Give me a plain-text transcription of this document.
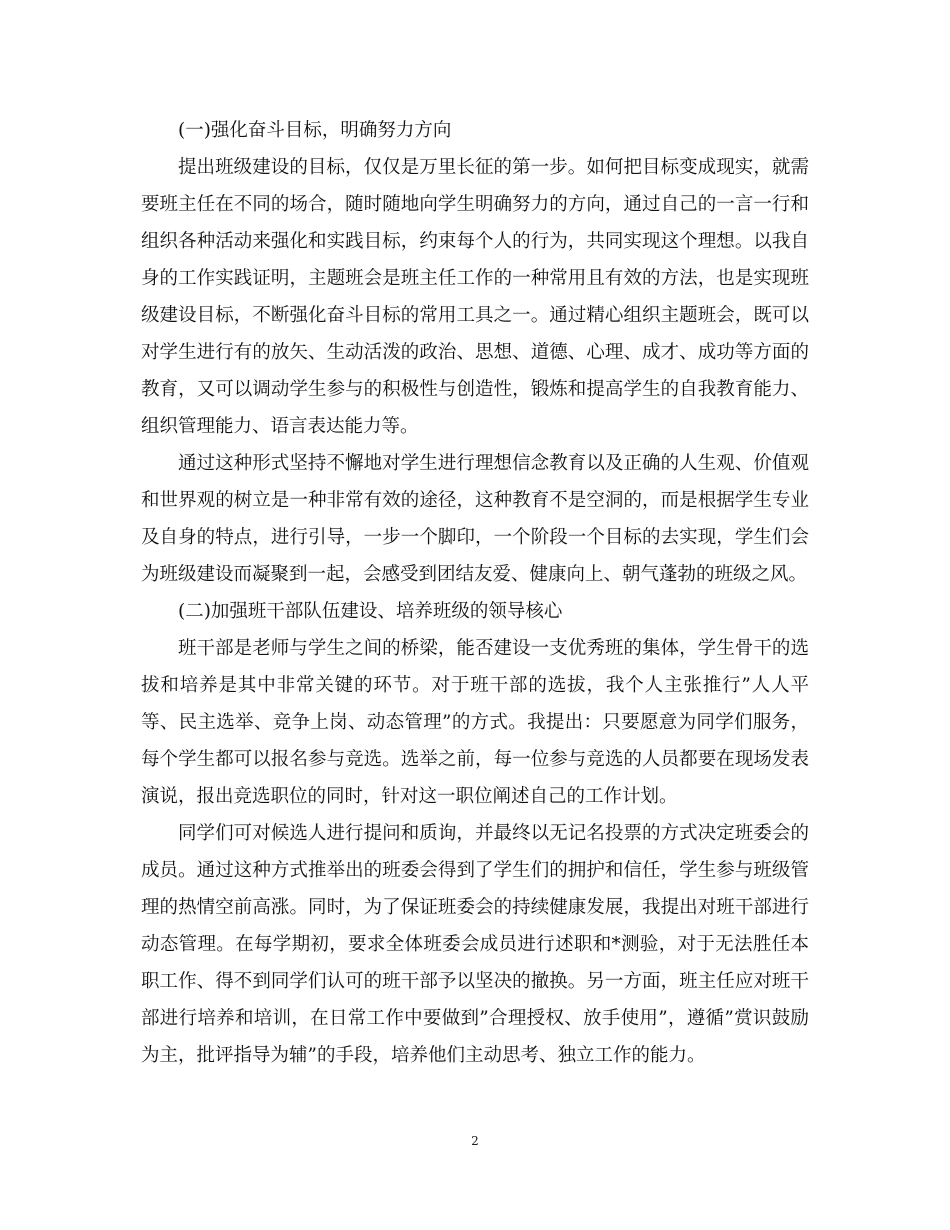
(一)强化奋斗目标，明确努力方向

提出班级建设的目标，仅仅是万里长征的第一步。如何把目标变成现实，就需要班主任在不同的场合，随时随地向学生明确努力的方向，通过自己的一言一行和组织各种活动来强化和实践目标，约束每个人的行为，共同实现这个理想。以我自身的工作实践证明，主题班会是班主任工作的一种常用且有效的方法，也是实现班级建设目标，不断强化奋斗目标的常用工具之一。通过精心组织主题班会，既可以对学生进行有的放矢、生动活泼的政治、思想、道德、心理、成才、成功等方面的教育，又可以调动学生参与的积极性与创造性，锻炼和提高学生的自我教育能力、组织管理能力、语言表达能力等。

通过这种形式坚持不懈地对学生进行理想信念教育以及正确的人生观、价值观和世界观的树立是一种非常有效的途径，这种教育不是空洞的，而是根据学生专业及自身的特点，进行引导，一步一个脚印，一个阶段一个目标的去实现，学生们会为班级建设而凝聚到一起，会感受到团结友爱、健康向上、朝气蓬勃的班级之风。

(二)加强班干部队伍建设、培养班级的领导核心

班干部是老师与学生之间的桥梁，能否建设一支优秀班的集体，学生骨干的选拔和培养是其中非常关键的环节。对于班干部的选拔，我个人主张推行”人人平等、民主选举、竞争上岗、动态管理”的方式。我提出：只要愿意为同学们服务，每个学生都可以报名参与竞选。选举之前，每一位参与竞选的人员都要在现场发表演说，报出竞选职位的同时，针对这一职位阐述自己的工作计划。

同学们可对候选人进行提问和质询，并最终以无记名投票的方式决定班委会的成员。通过这种方式推举出的班委会得到了学生们的拥护和信任，学生参与班级管理的热情空前高涨。同时，为了保证班委会的持续健康发展，我提出对班干部进行动态管理。在每学期初，要求全体班委会成员进行述职和*测验，对于无法胜任本职工作、得不到同学们认可的班干部予以坚决的撤换。另一方面，班主任应对班干部进行培养和培训，在日常工作中要做到”合理授权、放手使用”，遵循”赏识鼓励为主，批评指导为辅”的手段，培养他们主动思考、独立工作的能力。

2
